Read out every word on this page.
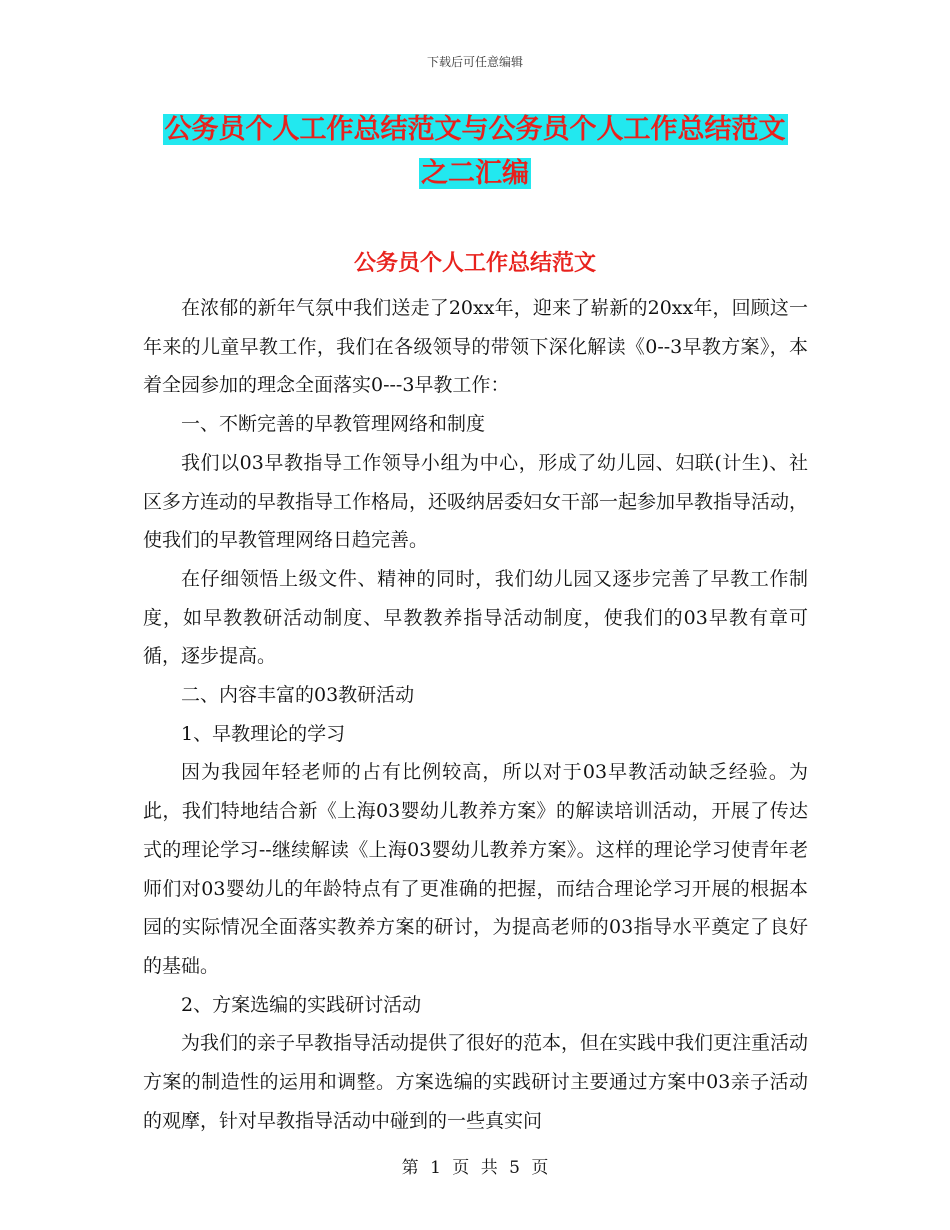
下载后可任意编辑
公务员个人工作总结范文与公务员个人工作总结范文
之二汇编
公务员个人工作总结范文

在浓郁的新年气氛中我们送走了20xx年，迎来了崭新的20xx年，回顾这一年来的儿童早教工作，我们在各级领导的带领下深化解读《0--3早教方案》，本着全园参加的理念全面落实0---3早教工作：

一、不断完善的早教管理网络和制度

我们以03早教指导工作领导小组为中心，形成了幼儿园、妇联(计生)、社区多方连动的早教指导工作格局，还吸纳居委妇女干部一起参加早教指导活动，使我们的早教管理网络日趋完善。

在仔细领悟上级文件、精神的同时，我们幼儿园又逐步完善了早教工作制度，如早教教研活动制度、早教教养指导活动制度，使我们的03早教有章可循，逐步提高。

二、内容丰富的03教研活动

1、早教理论的学习

因为我园年轻老师的占有比例较高，所以对于03早教活动缺乏经验。为此，我们特地结合新《上海03婴幼儿教养方案》的解读培训活动，开展了传达式的理论学习--继续解读《上海03婴幼儿教养方案》。这样的理论学习使青年老师们对03婴幼儿的年龄特点有了更准确的把握，而结合理论学习开展的根据本园的实际情况全面落实教养方案的研讨，为提高老师的03指导水平奠定了良好的基础。

2、方案选编的实践研讨活动

为我们的亲子早教指导活动提供了很好的范本，但在实践中我们更注重活动方案的制造性的运用和调整。方案选编的实践研讨主要通过方案中03亲子活动的观摩，针对早教指导活动中碰到的一些真实问

第 1 页 共 5 页
